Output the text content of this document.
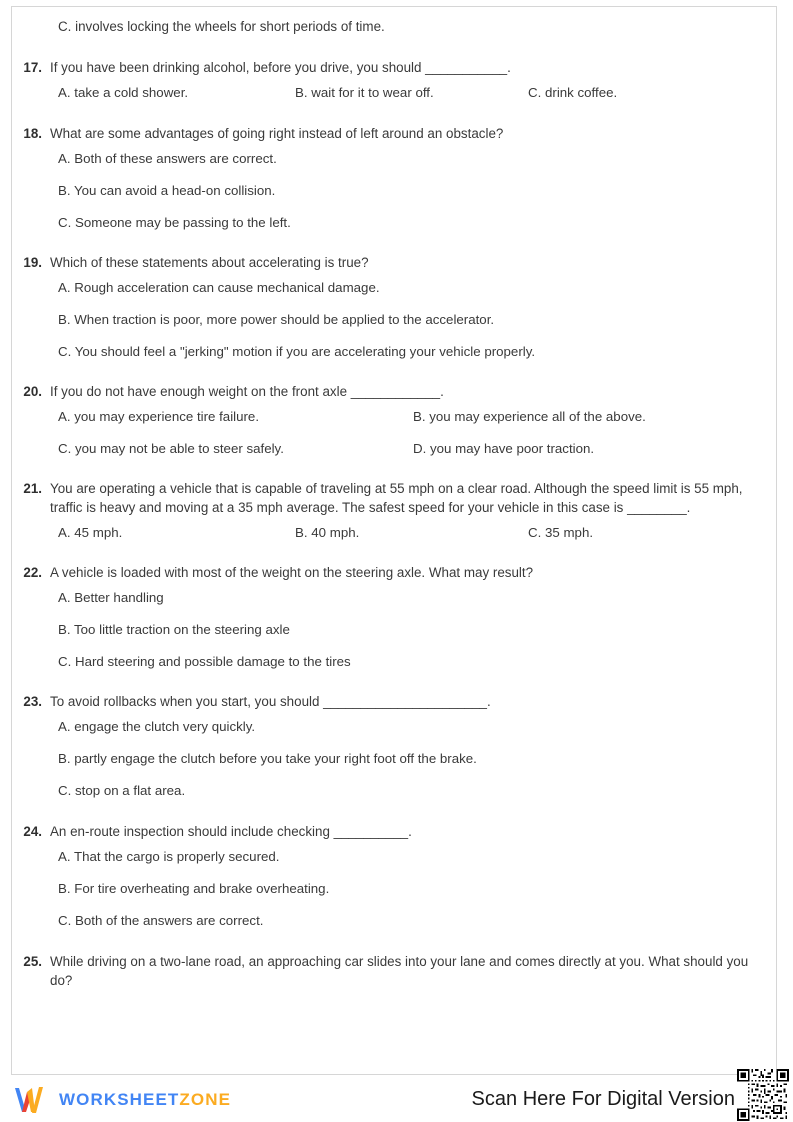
C. involves locking the wheels for short periods of time.
17. If you have been drinking alcohol, before you drive, you should ___________.
A. take a cold shower.	B. wait for it to wear off.	C. drink coffee.
18. What are some advantages of going right instead of left around an obstacle?
A. Both of these answers are correct.
B. You can avoid a head-on collision.
C. Someone may be passing to the left.
19. Which of these statements about accelerating is true?
A. Rough acceleration can cause mechanical damage.
B. When traction is poor, more power should be applied to the accelerator.
C. You should feel a "jerking" motion if you are accelerating your vehicle properly.
20. If you do not have enough weight on the front axle ____________.
A. you may experience tire failure.	B. you may experience all of the above.
C. you may not be able to steer safely.	D. you may have poor traction.
21. You are operating a vehicle that is capable of traveling at 55 mph on a clear road. Although the speed limit is 55 mph, traffic is heavy and moving at a 35 mph average. The safest speed for your vehicle in this case is ________.
A. 45 mph.	B. 40 mph.	C. 35 mph.
22. A vehicle is loaded with most of the weight on the steering axle. What may result?
A. Better handling
B. Too little traction on the steering axle
C. Hard steering and possible damage to the tires
23. To avoid rollbacks when you start, you should ______________________.
A. engage the clutch very quickly.
B. partly engage the clutch before you take your right foot off the brake.
C. stop on a flat area.
24. An en-route inspection should include checking __________.
A. That the cargo is properly secured.
B. For tire overheating and brake overheating.
C. Both of the answers are correct.
25. While driving on a two-lane road, an approaching car slides into your lane and comes directly at you. What should you do?
WORKSHEETZONE	Scan Here For Digital Version
